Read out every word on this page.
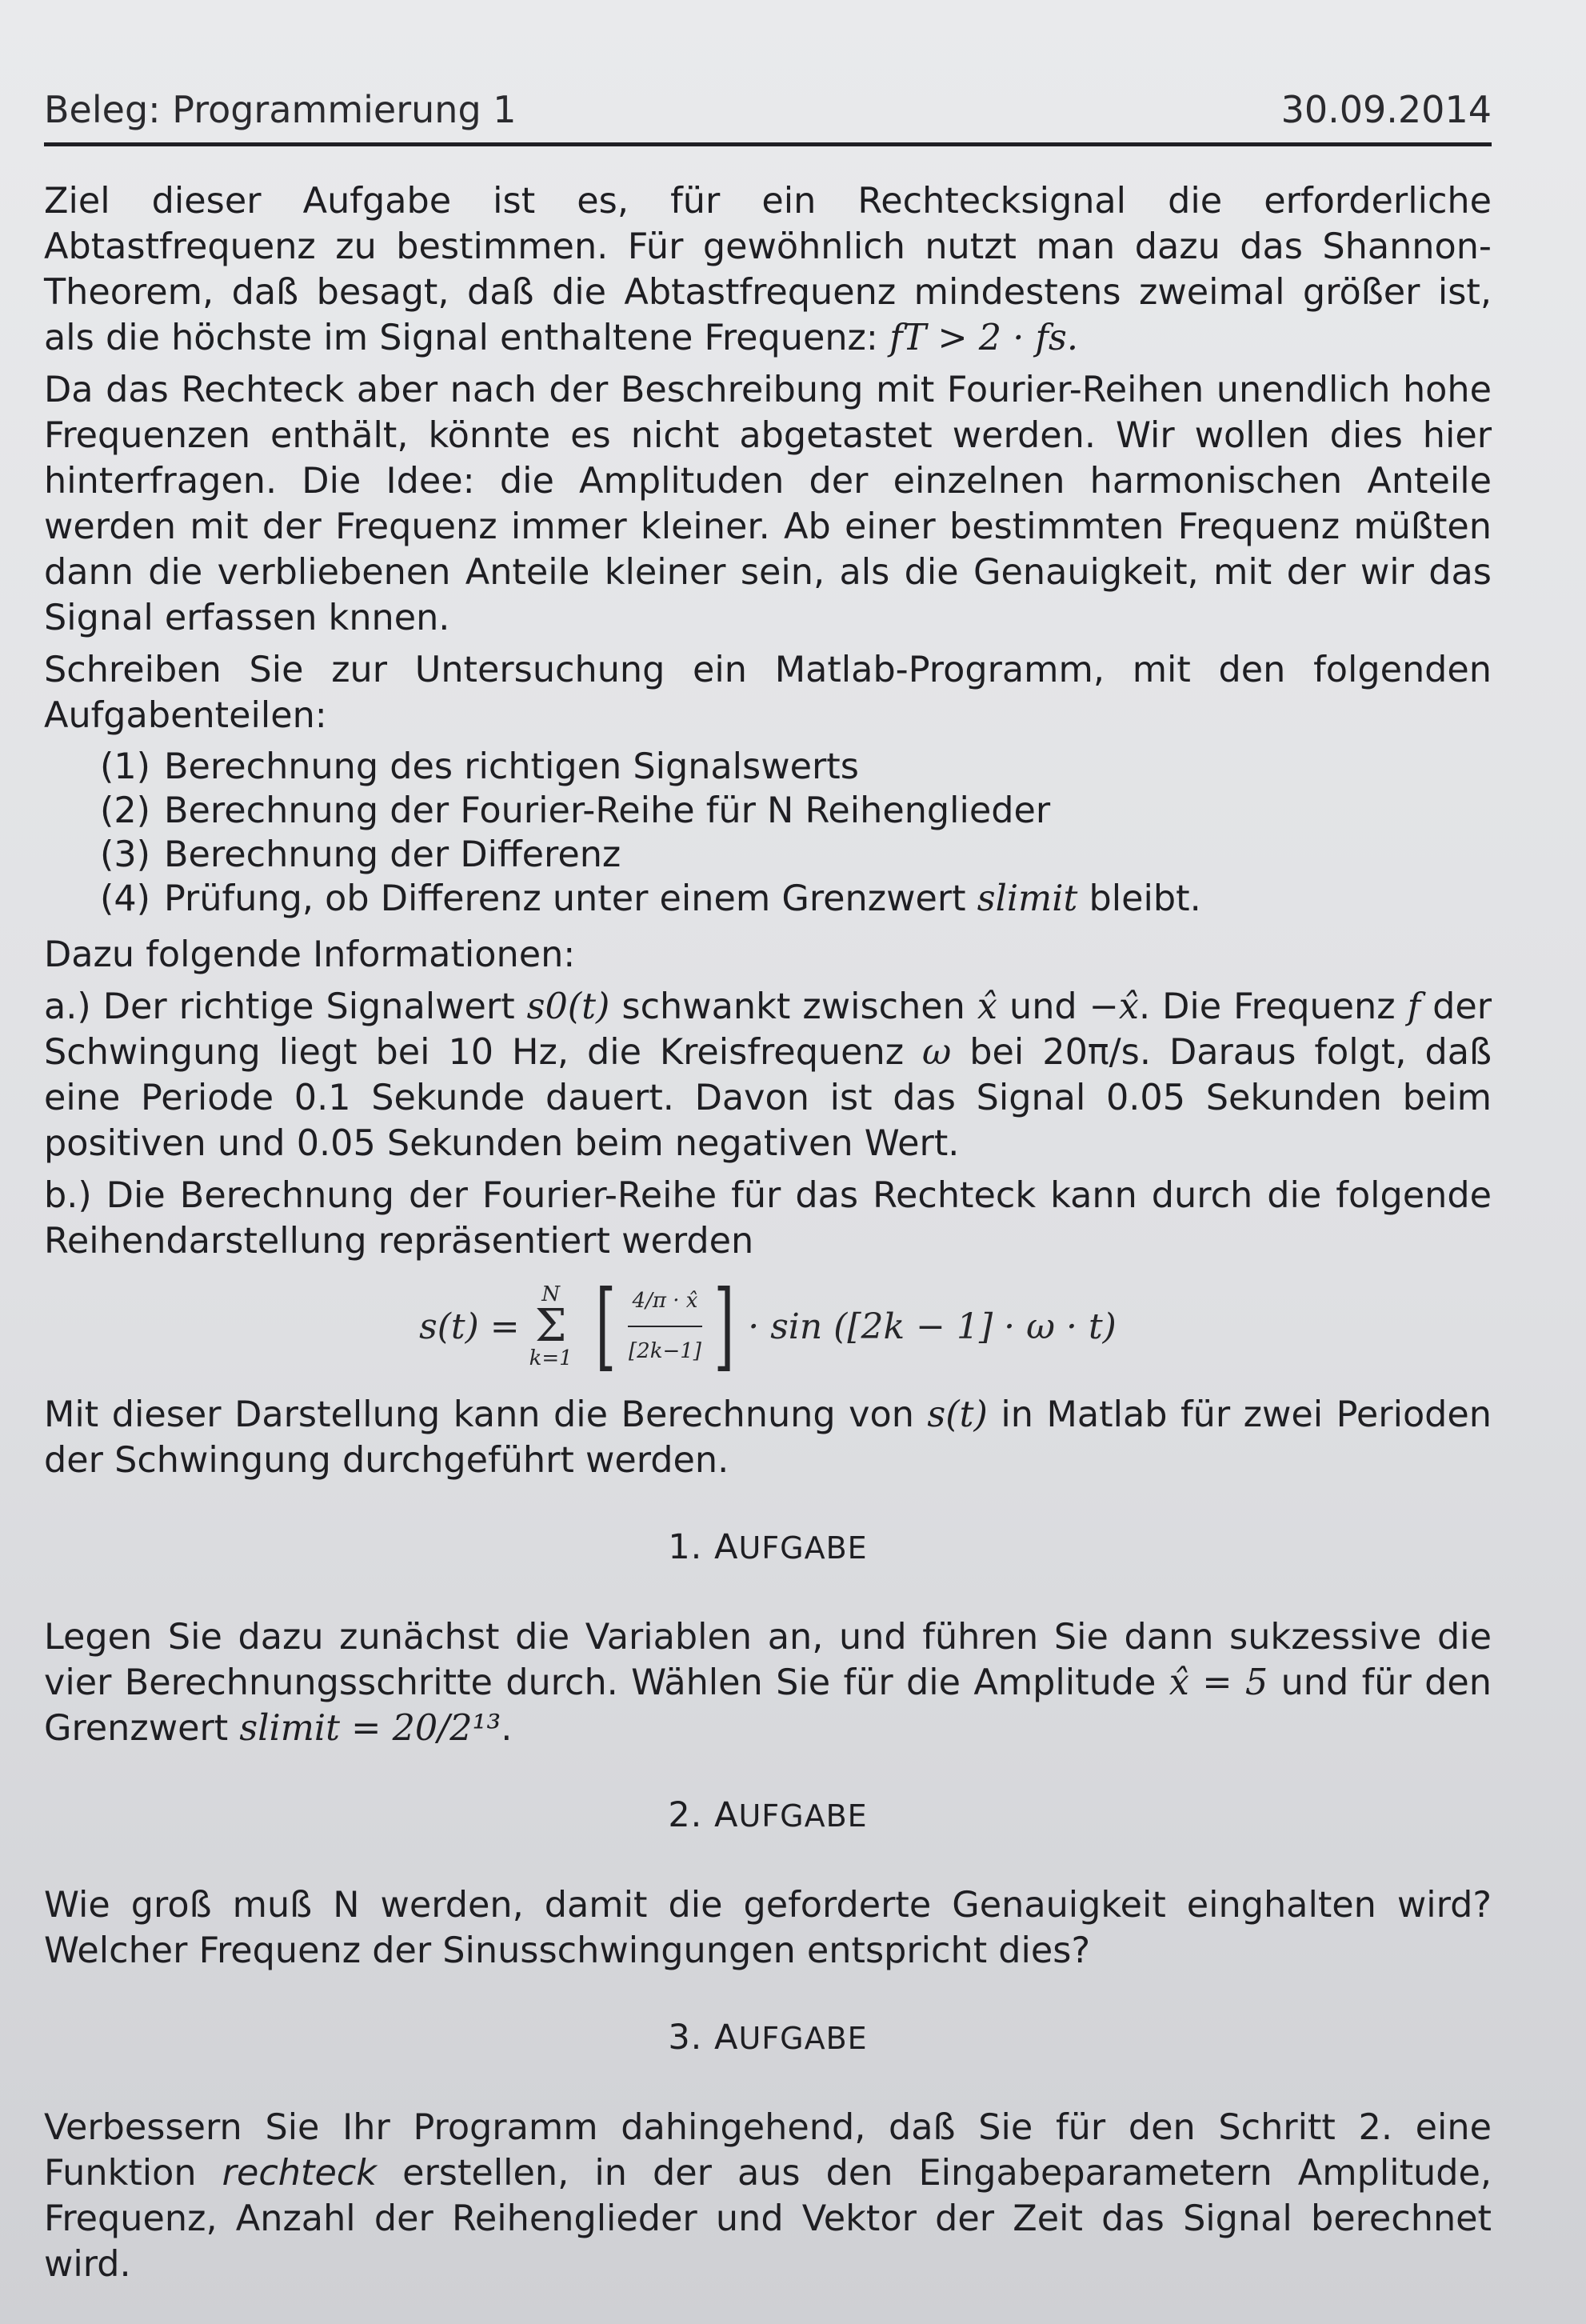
Beleg: Programmierung 1	30.09.2014

Ziel dieser Aufgabe ist es, für ein Rechtecksignal die erforderliche Abtastfrequenz zu bestimmen. Für gewöhnlich nutzt man dazu das Shannon-Theorem, daß besagt, daß die Abtastfrequenz mindestens zweimal größer ist, als die höchste im Signal enthaltene Frequenz: fT > 2 · fs.

Da das Rechteck aber nach der Beschreibung mit Fourier-Reihen unendlich hohe Frequenzen enthält, könnte es nicht abgetastet werden. Wir wollen dies hier hinterfragen. Die Idee: die Amplituden der einzelnen harmonischen Anteile werden mit der Frequenz immer kleiner. Ab einer bestimmten Frequenz müßten dann die verbliebenen Anteile kleiner sein, als die Genauigkeit, mit der wir das Signal erfassen knnen.

Schreiben Sie zur Untersuchung ein Matlab-Programm, mit den folgenden Aufgabenteilen:

(1) Berechnung des richtigen Signalswerts
(2) Berechnung der Fourier-Reihe für N Reihenglieder
(3) Berechnung der Differenz
(4) Prüfung, ob Differenz unter einem Grenzwert slimit bleibt.

Dazu folgende Informationen:

a.) Der richtige Signalwert s0(t) schwankt zwischen x̂ und −x̂. Die Frequenz f der Schwingung liegt bei 10 Hz, die Kreisfrequenz ω bei 20π/s. Daraus folgt, daß eine Periode 0.1 Sekunde dauert. Davon ist das Signal 0.05 Sekunden beim positiven und 0.05 Sekunden beim negativen Wert.

b.) Die Berechnung der Fourier-Reihe für das Rechteck kann durch die folgende Reihendarstellung repräsentiert werden

s(t) =
N
Σ
k=1 [ $\frac{4/\pi \cdot x̂}{[2k-1]}$ ] · sin ([2k − 1] · ω · t)

Mit dieser Darstellung kann die Berechnung von s(t) in Matlab für zwei Perioden der Schwingung durchgeführt werden.

1. AUFGABE

Legen Sie dazu zunächst die Variablen an, und führen Sie dann sukzessive die vier Berechnungsschritte durch. Wählen Sie für die Amplitude x̂ = 5 und für den Grenzwert slimit = 20/2¹³.

2. AUFGABE

Wie groß muß N werden, damit die geforderte Genauigkeit einghalten wird? Welcher Frequenz der Sinusschwingungen entspricht dies?

3. AUFGABE

Verbessern Sie Ihr Programm dahingehend, daß Sie für den Schritt 2. eine Funktion rechteck erstellen, in der aus den Eingabeparametern Amplitude, Frequenz, Anzahl der Reihenglieder und Vektor der Zeit das Signal berechnet wird.
